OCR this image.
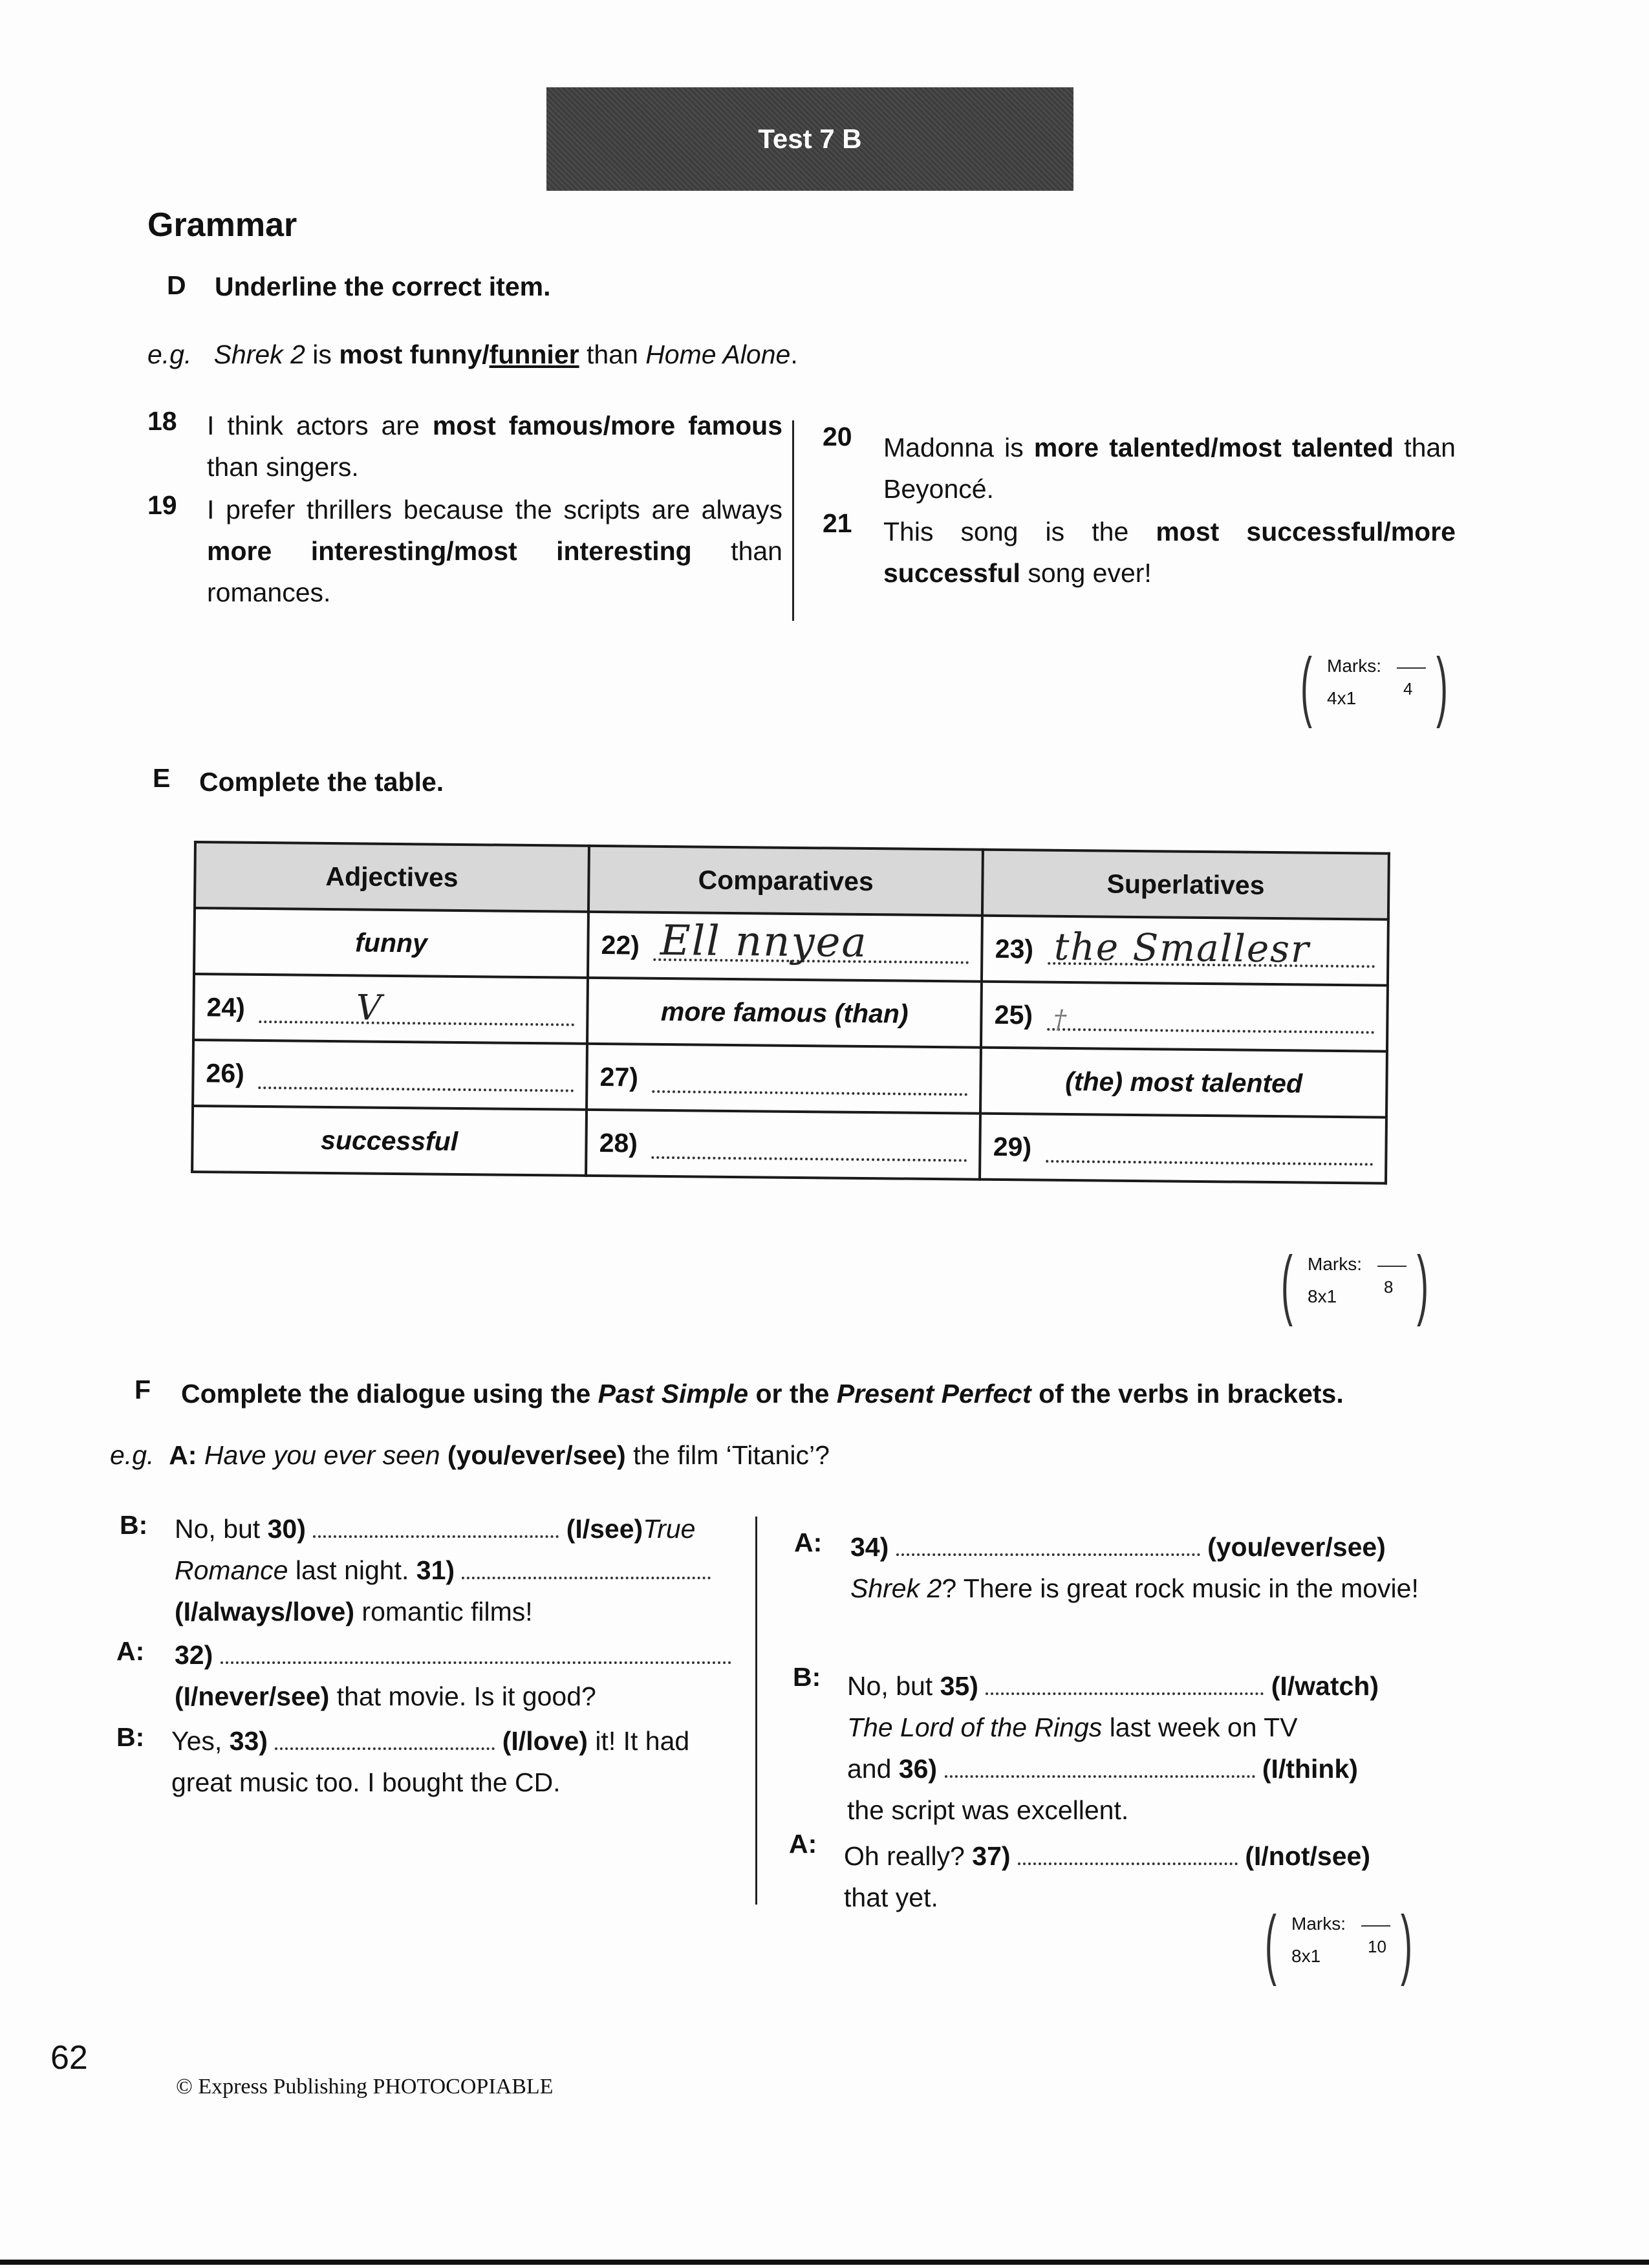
Test 7 B
Grammar
D Underline the correct item.
e.g. Shrek 2 is most funny/funnier than Home Alone.
18	I think actors are most famous/more famous than singers.
19	I prefer thrillers because the scripts are always more interesting/most interesting than romances.
20	Madonna is more talented/most talented than Beyoncé.
21	This song is the most successful/more successful song ever!
( Marks:
4x1	4 )
E Complete the table.
Adjectives	Comparatives	Superlatives
funny	22) Ell nnyea	23) the Smallesr

24) V	more famous (than)	25) †

26)	27)	(the) most talented
successful	28)	29)
( Marks:
8x1	8 )
F Complete the dialogue using the Past Simple or the Present Perfect of the verbs in brackets.
e.g. A: Have you ever seen (you/ever/see) the film ‘Titanic’?
B:	No, but 30)	(I/see)True
Romance last night. 31)
(I/always/love) romantic films!
A:	32)
(I/never/see) that movie. Is it good?
B:	Yes, 33)	(I/love) it! It had great music too. I bought the CD.
A:	34)	(you/ever/see)
Shrek 2? There is great rock music in the movie!
B: No, but 35)	(I/watch)
The Lord of the Rings last week on TV
and 36)	(I/think)
the script was excellent.
A:	Oh really? 37)	(I/not/see)
that yet.
( Marks:
8x1	10 )
62
© Express Publishing PHOTOCOPIABLE
